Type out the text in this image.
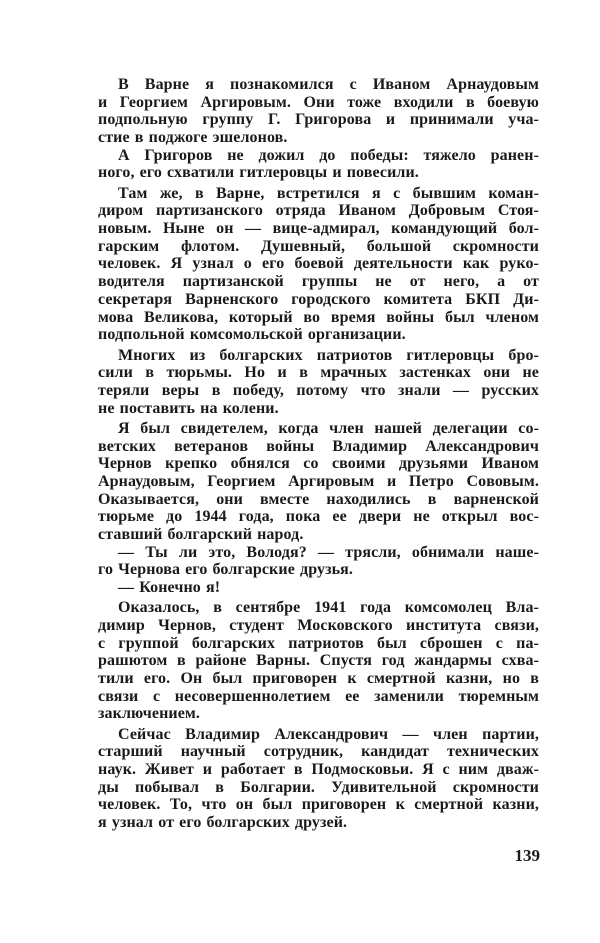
В Варне я познакомился с Иваном Арнаудовым
и Георгием Аргировым. Они тоже входили в боевую
подпольную группу Г. Григорова и принимали уча-
стие в поджоге эшелонов.
А Григоров не дожил до победы: тяжело ранен-
ного, его схватили гитлеровцы и повесили.
Там же, в Варне, встретился я с бывшим коман-
диром партизанского отряда Иваном Добровым Стоя-
новым. Ныне он — вице-адмирал, командующий бол-
гарским флотом. Душевный, большой скромности
человек. Я узнал о его боевой деятельности как руко-
водителя партизанской группы не от него, а от
секретаря Варненского городского комитета БКП Ди-
мова Великова, который во время войны был членом
подпольной комсомольской организации.
Многих из болгарских патриотов гитлеровцы бро-
сили в тюрьмы. Но и в мрачных застенках они не
теряли веры в победу, потому что знали — русских
не поставить на колени.
Я был свидетелем, когда член нашей делегации со-
ветских ветеранов войны Владимир Александрович
Чернов крепко обнялся со своими друзьями Иваном
Арнаудовым, Георгием Аргировым и Петро Coвовым.
Оказывается, они вместе находились в варненской
тюрьме до 1944 года, пока ее двери не открыл вос-
ставший болгарский народ.
— Ты ли это, Володя? — трясли, обнимали наше-
го Чернова его болгарские друзья.
— Конечно я!
Оказалось, в сентябре 1941 года комсомолец Вла-
димир Чернов, студент Московского института связи,
с группой болгарских патриотов был сброшен с па-
рашютом в районе Варны. Спустя год жандармы схва-
тили его. Он был приговорен к смертной казни, но в
связи с несовершеннолетием ее заменили тюремным
заключением.
Сейчас Владимир Александрович — член партии,
старший научный сотрудник, кандидат технических
наук. Живет и работает в Подмосковьи. Я с ним дваж-
ды побывал в Болгарии. Удивительной скромности
человек. То, что он был приговорен к смертной казни,
я узнал от его болгарских друзей.
139
